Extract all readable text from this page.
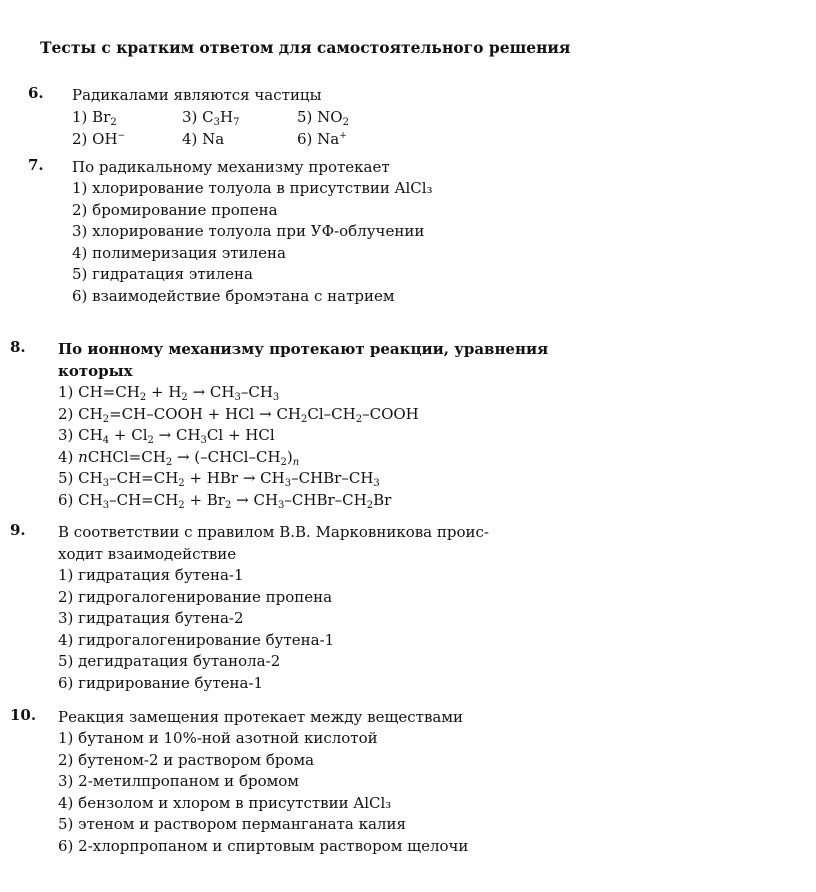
Тесты с кратким ответом для самостоятельного решения
6. Радикалами являются частицы
1) $Br_2$	3) $C_3H_7$	5) $NO_2$
2) OH−	4) Na	6) Na+
7. По радикальному механизму протекает
1) хлорирование толуола в присутствии AlCl₃
2) бромирование пропена
3) хлорирование толуола при УФ-облучении
4) полимеризация этилена
5) гидратация этилена
6) взаимодействие бромэтана с натрием
8. По ионному механизму протекают реакции, уравнения
которых
1) $CH=CH_2 + H_2 \to CH_3-CH_3$
2) $CH_2=CH$–COOH + HCl → $CH_2Cl-CH_2$–COOH
3) $CH_4 + Cl_2 \to CH_3Cl$ + HCl
4) $nCHCl=CH_2$ → $(-CHCl-CH_2)_n$
5) $CH_3-CH=CH_2$ + HBr → $CH_3-CHBr-CH_3$
6) $CH_3-CH=CH_2 + Br_2$ → $CH_3-CHBr-CH_2Br$
9. В соответствии с правилом В.В. Марковникова проис-
ходит взаимодействие
1) гидратация бутена-1
2) гидрогалогенирование пропена
3) гидратация бутена-2
4) гидрогалогенирование бутена-1
5) дегидратация бутанола-2
6) гидрирование бутена-1
10. Реакция замещения протекает между веществами
1) бутаном и 10%-ной азотной кислотой
2) бутеном-2 и раствором брома
3) 2-метилпропаном и бромом
4) бензолом и хлором в присутствии AlCl₃
5) этеном и раствором перманганата калия
6) 2-хлорпропаном и спиртовым раствором щелочи
